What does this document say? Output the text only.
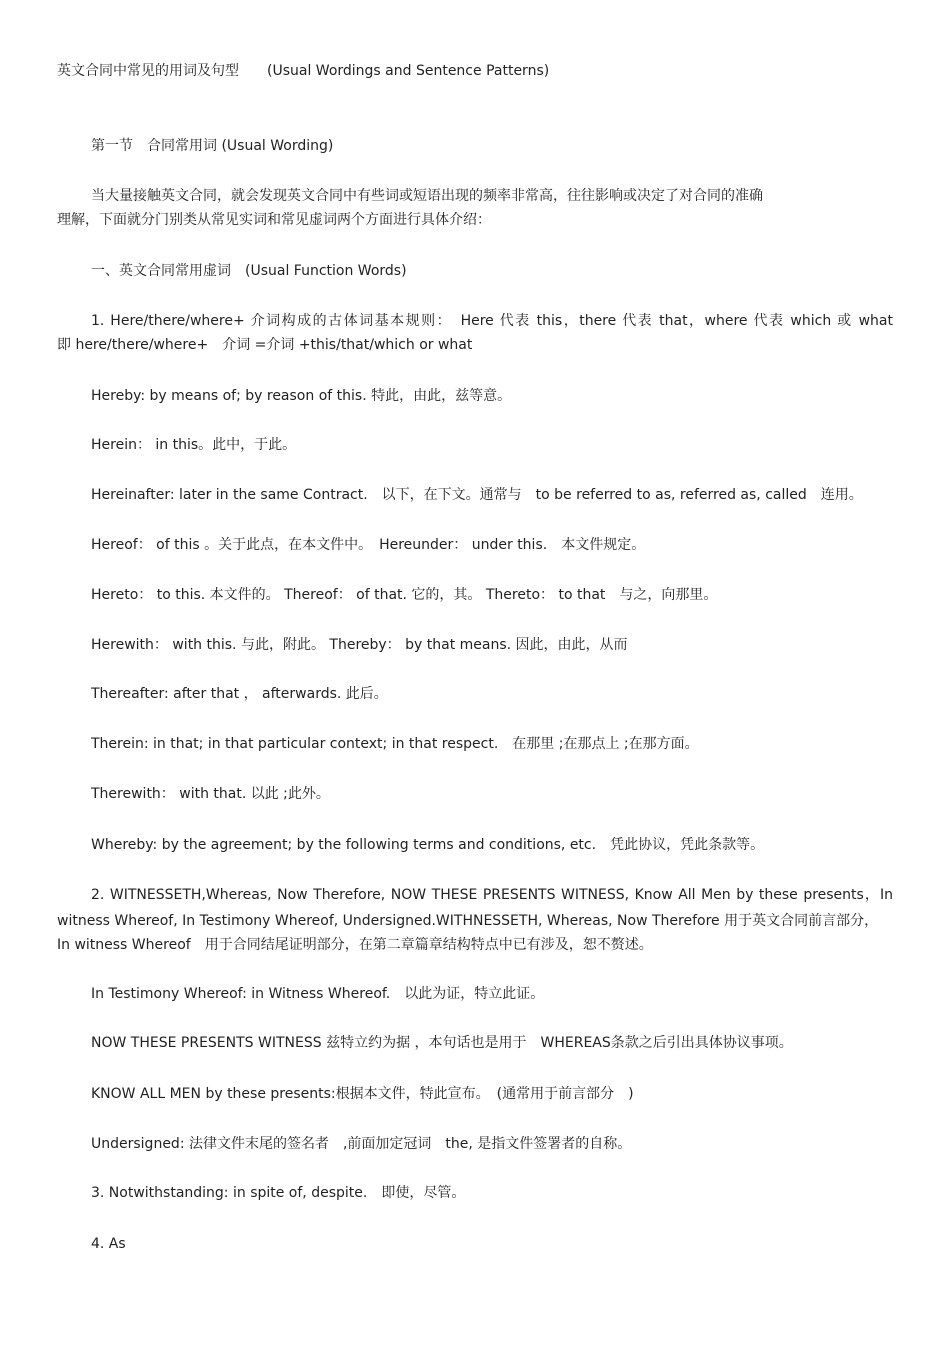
英文合同中常见的用词及句型　　(Usual Wordings and Sentence Patterns)
第一节　合同常用词 (Usual Wording)
当大量接触英文合同，就会发现英文合同中有些词或短语出现的频率非常高，往往影响或决定了对合同的准确
理解，下面就分门别类从常见实词和常见虚词两个方面进行具体介绍：
一、英文合同常用虚词　(Usual Function Words)
1. Here/there/where+ 介词构成的古体词基本规则：　Here 代表 this，there 代表 that，where 代表 which 或 what
即 here/there/where+　介词 =介词 +this/that/which or what
Hereby: by means of; by reason of this. 特此，由此，兹等意。
Herein： in this。此中，于此。
Hereinafter: later in the same Contract.　以下，在下文。通常与　to be referred to as, referred as, called　连用。
Hereof： of this 。关于此点，在本文件中。　Hereunder： under this.　本文件规定。
Hereto： to this. 本文件的。 Thereof： of that. 它的，其。 Thereto： to that　与之，向那里。
Herewith： with this. 与此，附此。 Thereby： by that means. 因此，由此，从而
Thereafter: after that ， afterwards. 此后。
Therein: in that; in that particular context; in that respect.　在那里 ;在那点上 ;在那方面。
Therewith： with that. 以此 ;此外。
Whereby: by the agreement; by the following terms and conditions, etc.　凭此协议，凭此条款等。
2. WITNESSETH,Whereas, Now Therefore, NOW THESE PRESENTS WITNESS, Know All Men by these presents，In
witness Whereof, In Testimony Whereof, Undersigned.WITHNESSETH, Whereas, Now Therefore 用于英文合同前言部分，
In witness Whereof　用于合同结尾证明部分，在第二章篇章结构特点中已有涉及，恕不赘述。
In Testimony Whereof: in Witness Whereof.　以此为证，特立此证。
NOW THESE PRESENTS WITNESS 兹特立约为据 ，本句话也是用于　WHEREAS条款之后引出具体协议事项。
KNOW ALL MEN by these presents:根据本文件，特此宣布。　(通常用于前言部分　)
Undersigned: 法律文件末尾的签名者　,前面加定冠词　the, 是指文件签署者的自称。
3. Notwithstanding: in spite of, despite.　即使，尽管。
4. As
